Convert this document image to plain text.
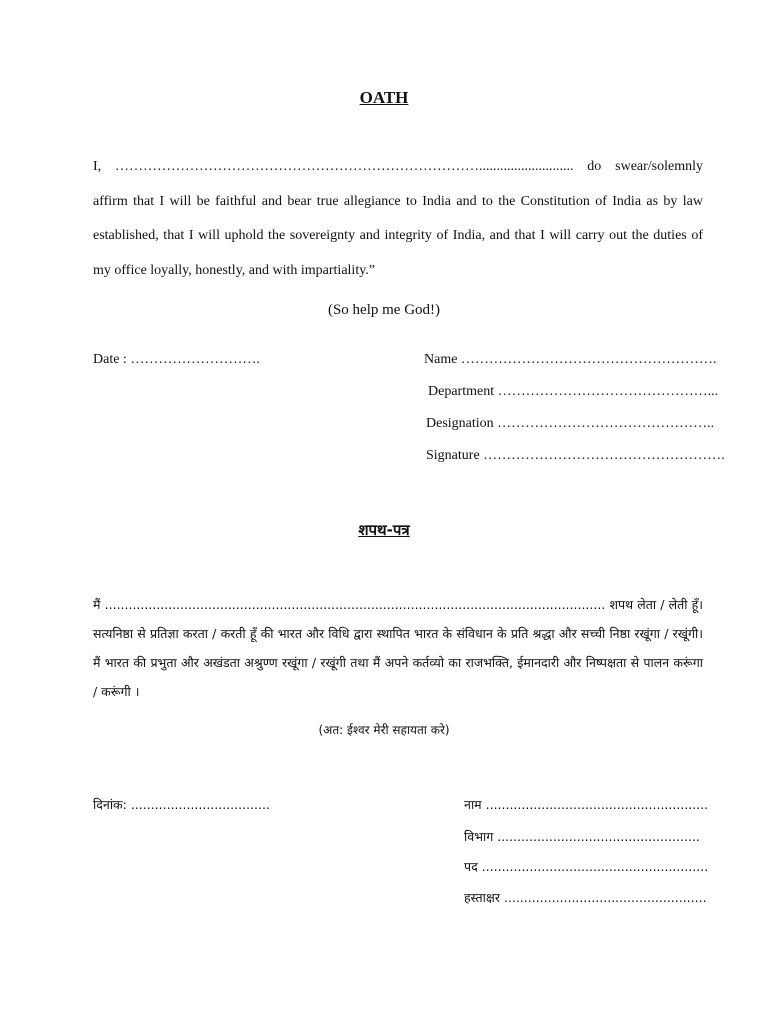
OATH
I, ……………………………………………………………………........................... do swear/solemnly affirm that I will be faithful and bear true allegiance to India and to the Constitution of India as by law established, that I will uphold the sovereignty and integrity of India, and that I will carry out the duties of my office loyally, honestly, and with impartiality.”
(So help me God!)
Date : ……………………….	Name ……………………………………………….
Department ………………………………………...
Designation ………………………………………..
Signature …………………………………………….
शपथ-पत्र
मैं .............................................................................................................................. शपथ लेता / लेती हूँ। सत्यनिष्ठा से प्रतिज्ञा करता / करती हूँ की भारत और विधि द्वारा स्थापित भारत के संविधान के प्रति श्रद्धा और सच्ची निष्ठा रखूंगा / रखूंगी। मैं भारत की प्रभुता और अखंडता अश्रुण्ण रखूंगा / रखूंगी तथा मैं अपने कर्तव्यो का राजभक्ति, ईमानदारी और निष्पक्षता से पालन करूंगा / करूंगी ।
(अत: ईश्वर मेरी सहायता करे)
दिनांक: ...................................	नाम ........................................................
विभाग ...................................................
पद .........................................................
हस्ताक्षर ...................................................
